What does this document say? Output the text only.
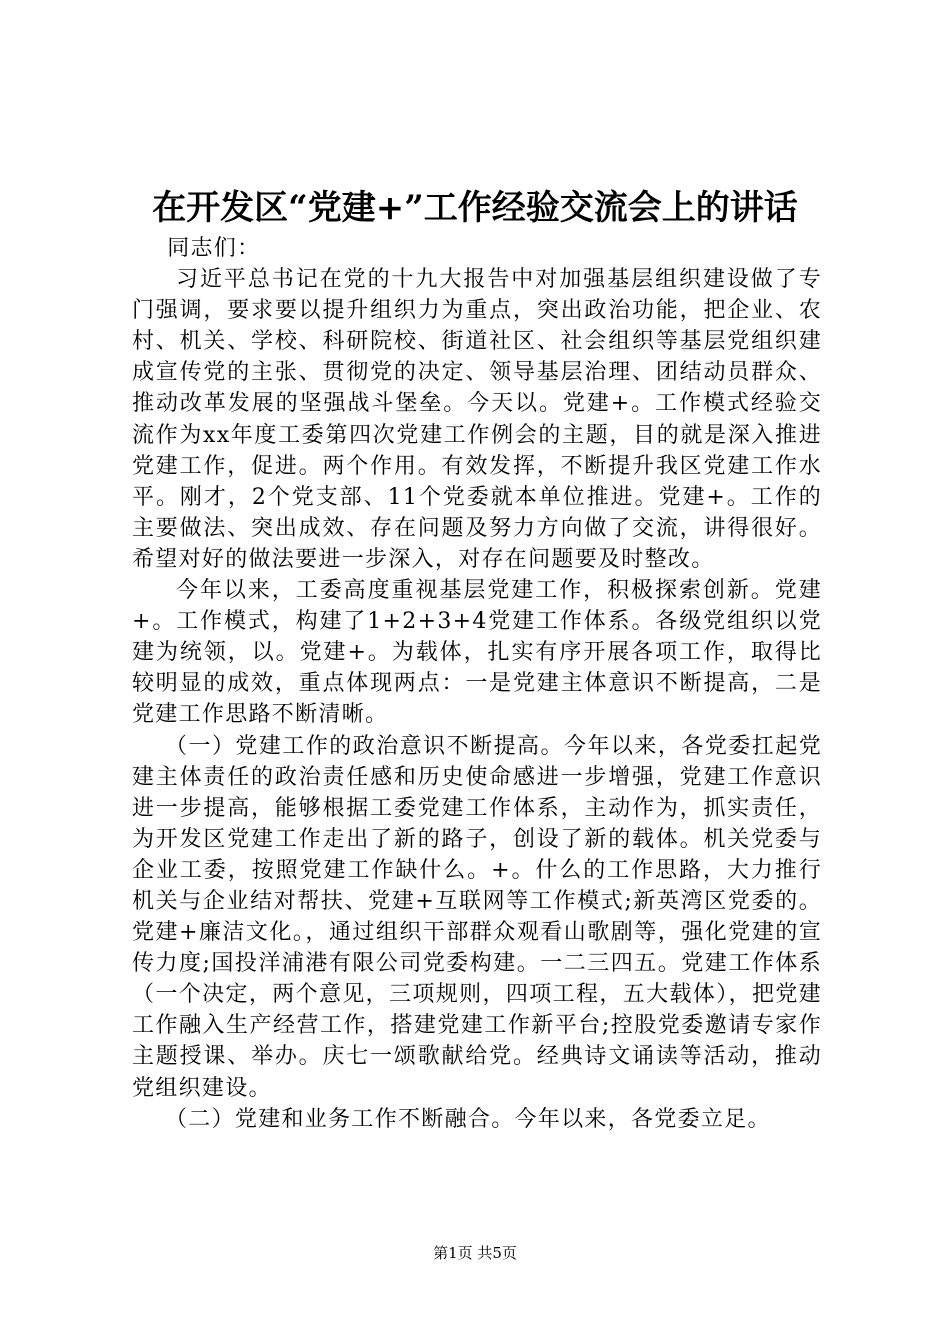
在开发区“党建+”工作经验交流会上的讲话

同志们：

习近平总书记在党的十九大报告中对加强基层组织建设做了专门强调，要求要以提升组织力为重点，突出政治功能，把企业、农村、机关、学校、科研院校、街道社区、社会组织等基层党组织建成宣传党的主张、贯彻党的决定、领导基层治理、团结动员群众、推动改革发展的坚强战斗堡垒。今天以。党建+。工作模式经验交流作为xx年度工委第四次党建工作例会的主题，目的就是深入推进党建工作，促进。两个作用。有效发挥，不断提升我区党建工作水平。刚才，2个党支部、11个党委就本单位推进。党建+。工作的主要做法、突出成效、存在问题及努力方向做了交流，讲得很好。希望对好的做法要进一步深入，对存在问题要及时整改。

今年以来，工委高度重视基层党建工作，积极探索创新。党建+。工作模式，构建了1+2+3+4党建工作体系。各级党组织以党建为统领，以。党建+。为载体，扎实有序开展各项工作，取得比较明显的成效，重点体现两点：一是党建主体意识不断提高，二是党建工作思路不断清晰。

（一）党建工作的政治意识不断提高。今年以来，各党委扛起党建主体责任的政治责任感和历史使命感进一步增强，党建工作意识进一步提高，能够根据工委党建工作体系，主动作为，抓实责任，为开发区党建工作走出了新的路子，创设了新的载体。机关党委与企业工委，按照党建工作缺什么。+。什么的工作思路，大力推行机关与企业结对帮扶、党建+互联网等工作模式;新英湾区党委的。党建+廉洁文化。，通过组织干部群众观看山歌剧等，强化党建的宣传力度;国投洋浦港有限公司党委构建。一二三四五。党建工作体系（一个决定，两个意见，三项规则，四项工程，五大载体），把党建工作融入生产经营工作，搭建党建工作新平台;控股党委邀请专家作主题授课、举办。庆七一颂歌献给党。经典诗文诵读等活动，推动党组织建设。

（二）党建和业务工作不断融合。今年以来，各党委立足。

第1页 共5页
